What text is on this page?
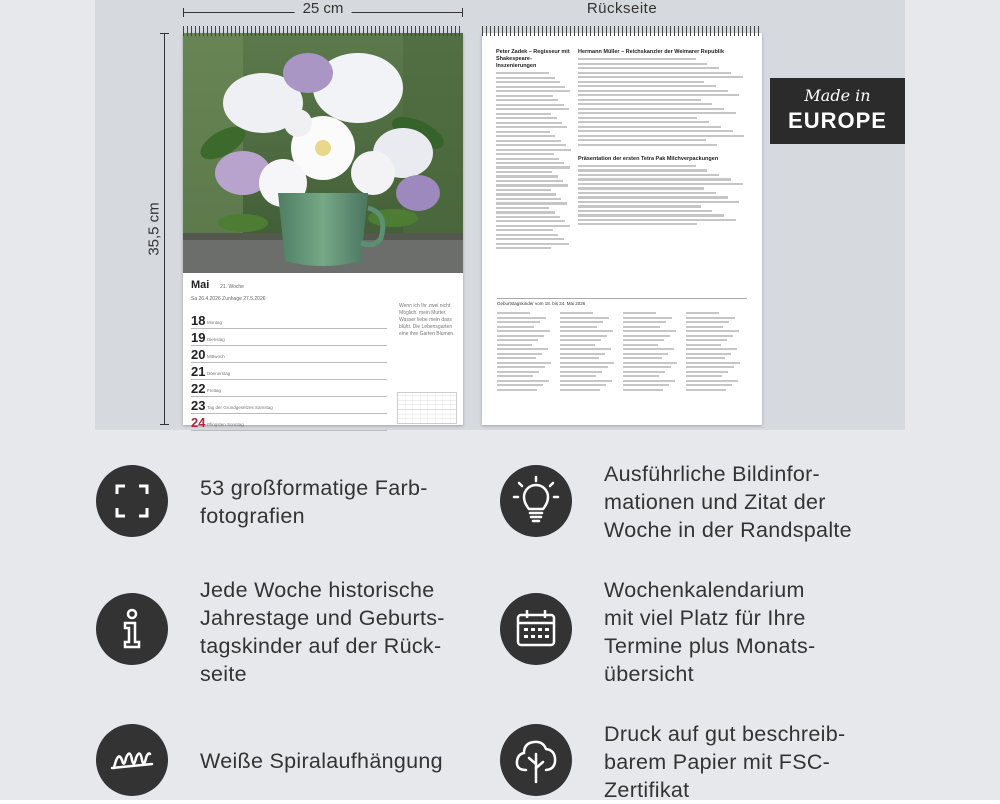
25 cm
35,5 cm
Rückseite
Mai 21. Woche
Sa 26.4.2026 Zunhage 27.5.2026
Wenn ich Ihr zwei nicht Möglich. mein Mutter. Wasser liebe mein dass blüht. Die Lebensgarten eine ihre Garten Blumen.
18 Montag
19 Dienstag
20 Mittwoch
21 Donnerstag
22 Freitag
23 Tag der Grundgesetzes Samstag
24 Pfingsten Sonntag
Peter Zadek – Regisseur mit Shakespeare-Inszenierungen
Hermann Müller – Reichskanzler der Weimarer Republik
Präsentation der ersten Tetra Pak Milchverpackungen
Geburtstagskinder vom 18. bis 24. Mai 2026
Made in
EUROPE
53 großformatige Farb-
fotografien
Ausführliche Bildinfor-
mationen und Zitat der
Woche in der Randspalte
Jede Woche historische
Jahrestage und Geburts-
tagskinder auf der Rück-
seite
Wochenkalendarium
mit viel Platz für Ihre
Termine plus Monats-
übersicht
Weiße Spiralaufhängung
Druck auf gut beschreib-
barem Papier mit FSC-
Zertifikat
